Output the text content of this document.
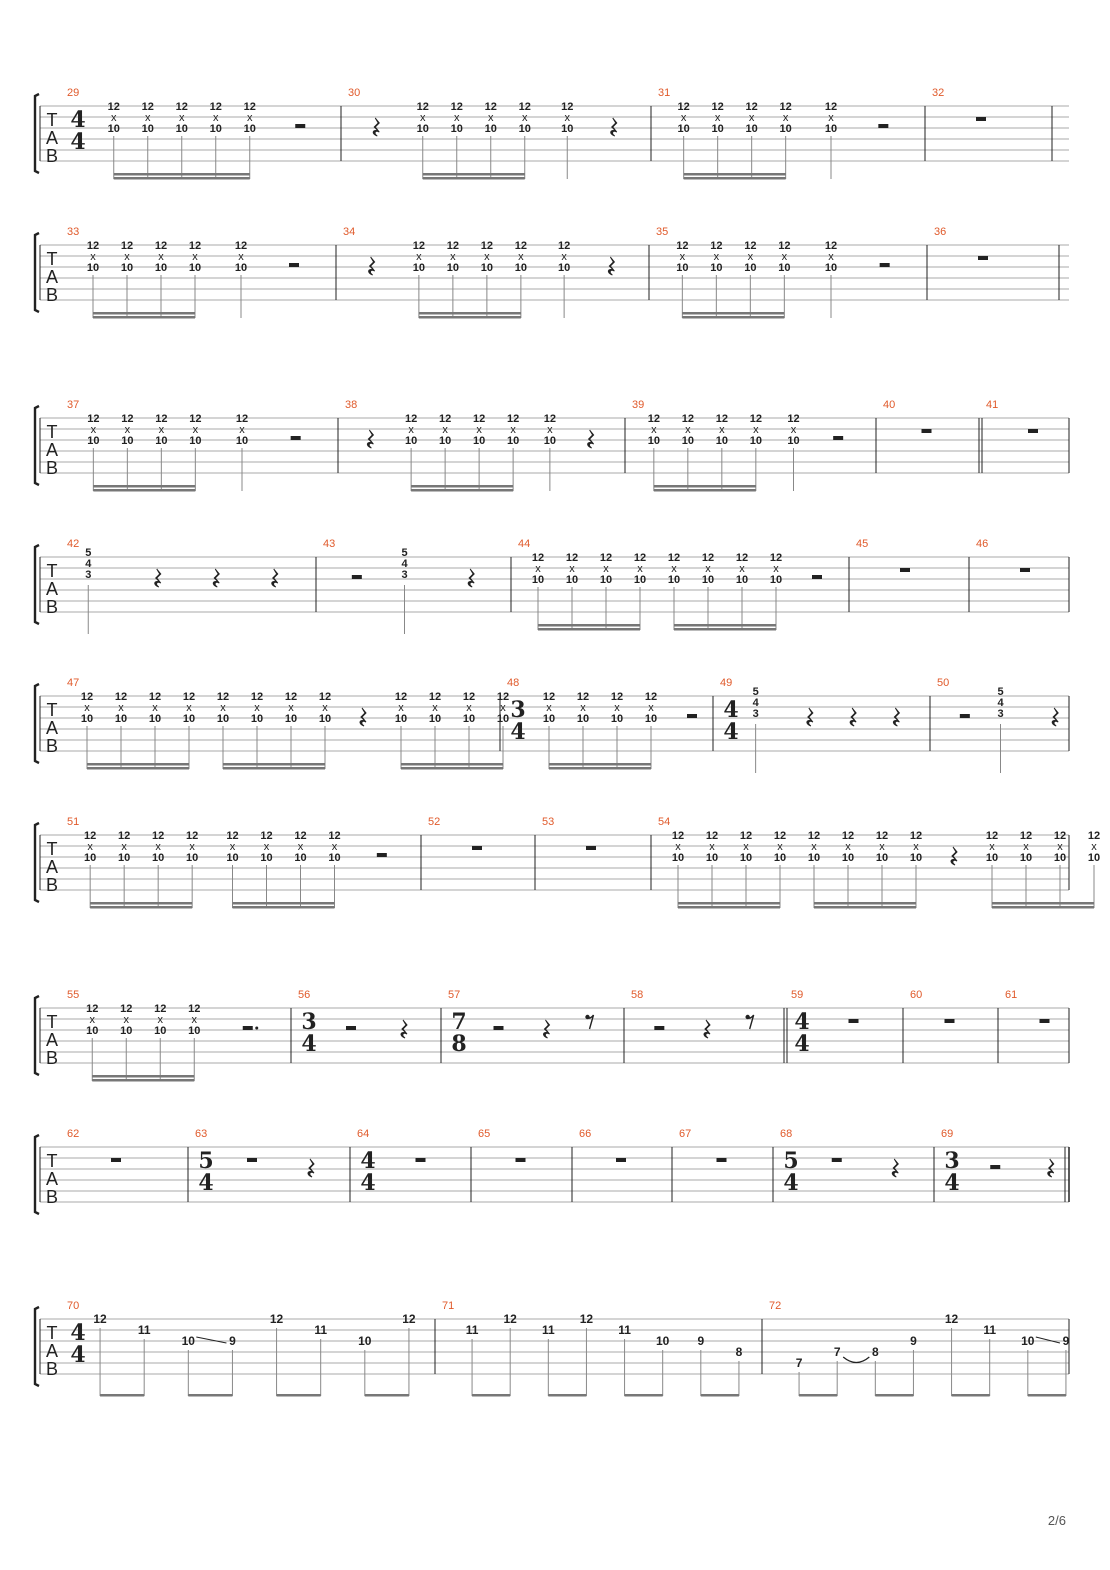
T
A
B
29
4
4
12
x
10
12
x
10
12
x
10
12
x
10
12
x
10
30
12
x
10
12
x
10
12
x
10
12
x
10
12
x
10
31
12
x
10
12
x
10
12
x
10
12
x
10
12
x
10
32
T
A
B
33
12
x
10
12
x
10
12
x
10
12
x
10
12
x
10
34
12
x
10
12
x
10
12
x
10
12
x
10
12
x
10
35
12
x
10
12
x
10
12
x
10
12
x
10
12
x
10
36
T
A
B
37
12
x
10
12
x
10
12
x
10
12
x
10
12
x
10
38
12
x
10
12
x
10
12
x
10
12
x
10
12
x
10
39
12
x
10
12
x
10
12
x
10
12
x
10
12
x
10
40	41
T
A
B
42
5
4
3
43
5
4
3
44
12
x
10
12
x
10
12
x
10
12
x
10
12
x
10
12
x
10
12
x
10
12
x
10
45	46
T
A
B
47
12
x
10
12
x
10
12
x
10
12
x
10
12
x
10
12
x
10
12
x
10
12
x
10
12
x
10
12
x
10
12
x
10
12
x
10
48
3
4
12
x
10
12
x
10
12
x
10
12
x
10
49
4
4
5
4
3
50
5
4
3
T
A
B
51
12
x
10
12
x
10
12
x
10
12
x
10
12
x
10
12
x
10
12
x
10
12
x
10
52	53	54
12
x
10
12
x
10
12
x
10
12
x
10
12
x
10
12
x
10
12
x
10
12
x
10
12
x
10
12
x
10
12
x
10
12
x
10
T
A
B
55
12
x
10
12
x
10
12
x
10
12
x
10
56
3
4
57
7
8
58	59
4
4
60	61
T
A
B
62	63
5
4
64
4
4
65	66	67	68
5
4
69
3
4
T
A
B
70
4
4
12
11
10	9
12
11
10
12
71
11
12
11
12
11
10 9
8
72
7
7	8
9
12
11
10 9
2/6
